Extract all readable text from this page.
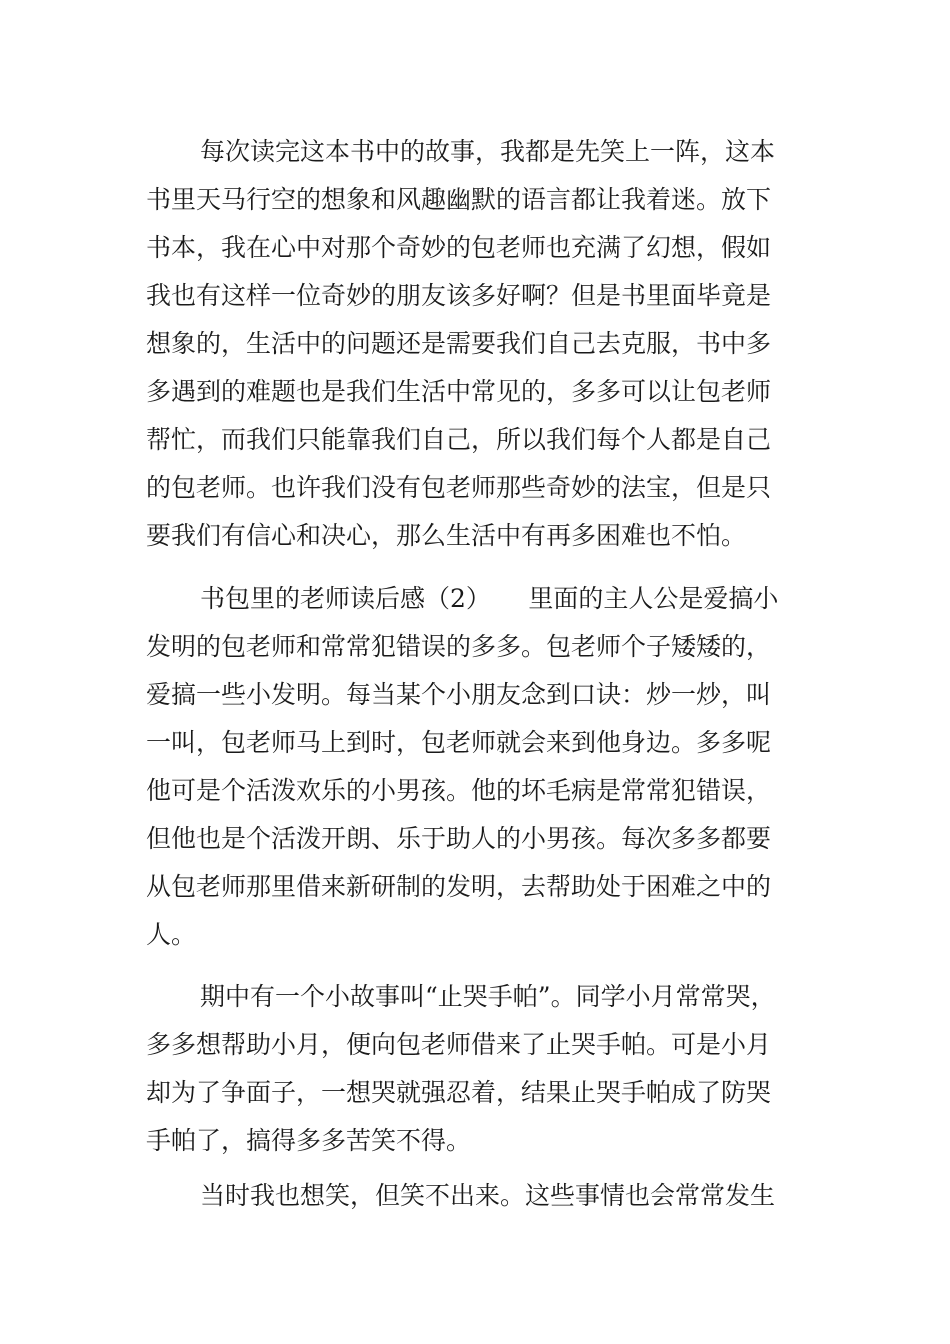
每次读完这本书中的故事，我都是先笑上一阵，这本
书里天马行空的想象和风趣幽默的语言都让我着迷。放下
书本，我在心中对那个奇妙的包老师也充满了幻想，假如
我也有这样一位奇妙的朋友该多好啊？但是书里面毕竟是
想象的，生活中的问题还是需要我们自己去克服，书中多
多遇到的难题也是我们生活中常见的，多多可以让包老师
帮忙，而我们只能靠我们自己，所以我们每个人都是自己
的包老师。也许我们没有包老师那些奇妙的法宝，但是只
要我们有信心和决心，那么生活中有再多困难也不怕。
书包里的老师读后感（2）　　里面的主人公是爱搞小
发明的包老师和常常犯错误的多多。包老师个子矮矮的，
爱搞一些小发明。每当某个小朋友念到口诀：炒一炒，叫
一叫，包老师马上到时，包老师就会来到他身边。多多呢
他可是个活泼欢乐的小男孩。他的坏毛病是常常犯错误，
但他也是个活泼开朗、乐于助人的小男孩。每次多多都要
从包老师那里借来新研制的发明，去帮助处于困难之中的
人。
期中有一个小故事叫“止哭手帕”。同学小月常常哭，
多多想帮助小月，便向包老师借来了止哭手帕。可是小月
却为了争面子，一想哭就强忍着，结果止哭手帕成了防哭
手帕了，搞得多多苦笑不得。
当时我也想笑，但笑不出来。这些事情也会常常发生
